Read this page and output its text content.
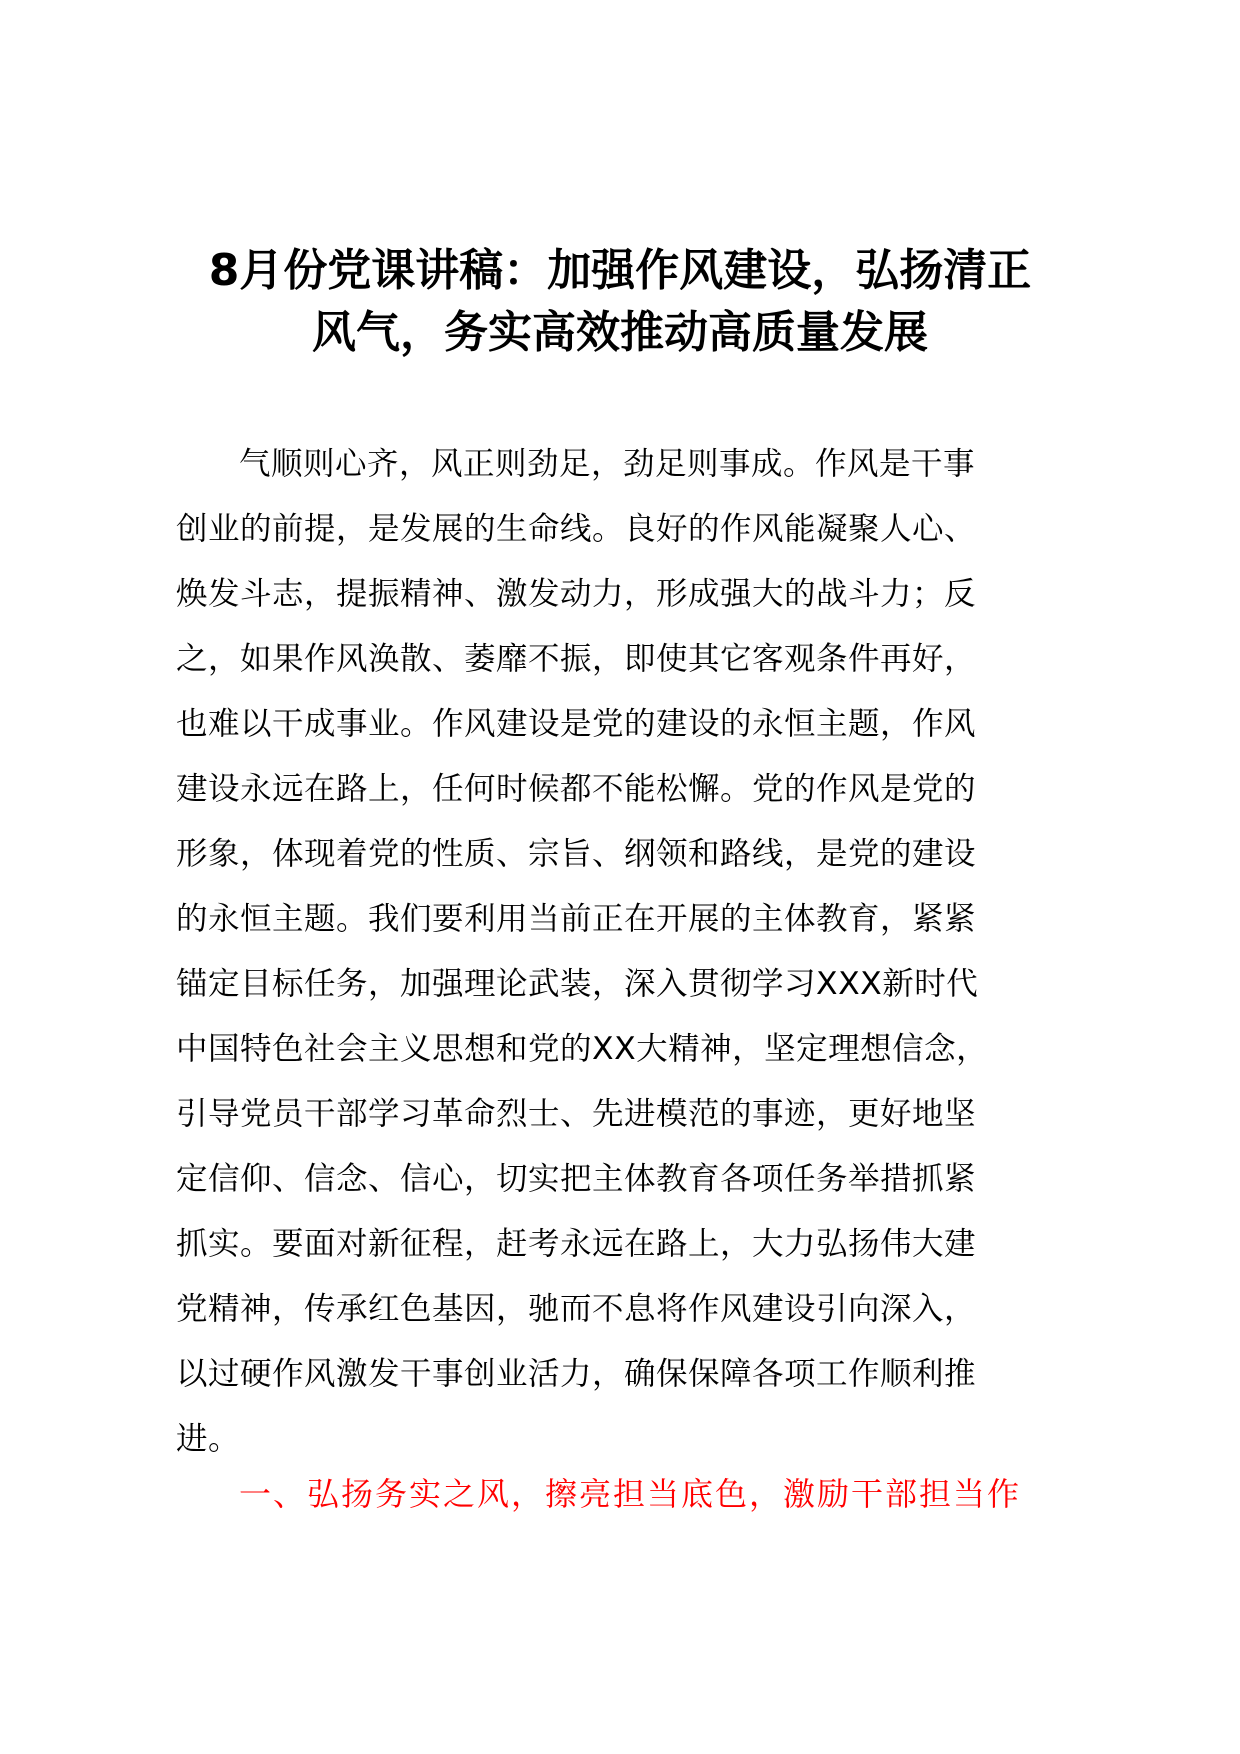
8月份党课讲稿：加强作风建设，弘扬清正
风气，务实高效推动高质量发展
气顺则心齐，风正则劲足，劲足则事成。作风是干事
创业的前提，是发展的生命线。良好的作风能凝聚人心、
焕发斗志，提振精神、激发动力，形成强大的战斗力；反
之，如果作风涣散、萎靡不振，即使其它客观条件再好，
也难以干成事业。作风建设是党的建设的永恒主题，作风
建设永远在路上，任何时候都不能松懈。党的作风是党的
形象，体现着党的性质、宗旨、纲领和路线，是党的建设
的永恒主题。我们要利用当前正在开展的主体教育，紧紧
锚定目标任务，加强理论武装，深入贯彻学习XXX新时代
中国特色社会主义思想和党的XX大精神，坚定理想信念，
引导党员干部学习革命烈士、先进模范的事迹，更好地坚
定信仰、信念、信心，切实把主体教育各项任务举措抓紧
抓实。要面对新征程，赶考永远在路上，大力弘扬伟大建
党精神，传承红色基因，驰而不息将作风建设引向深入，
以过硬作风激发干事创业活力，确保保障各项工作顺利推
进。
一、弘扬务实之风，擦亮担当底色，激励干部担当作
